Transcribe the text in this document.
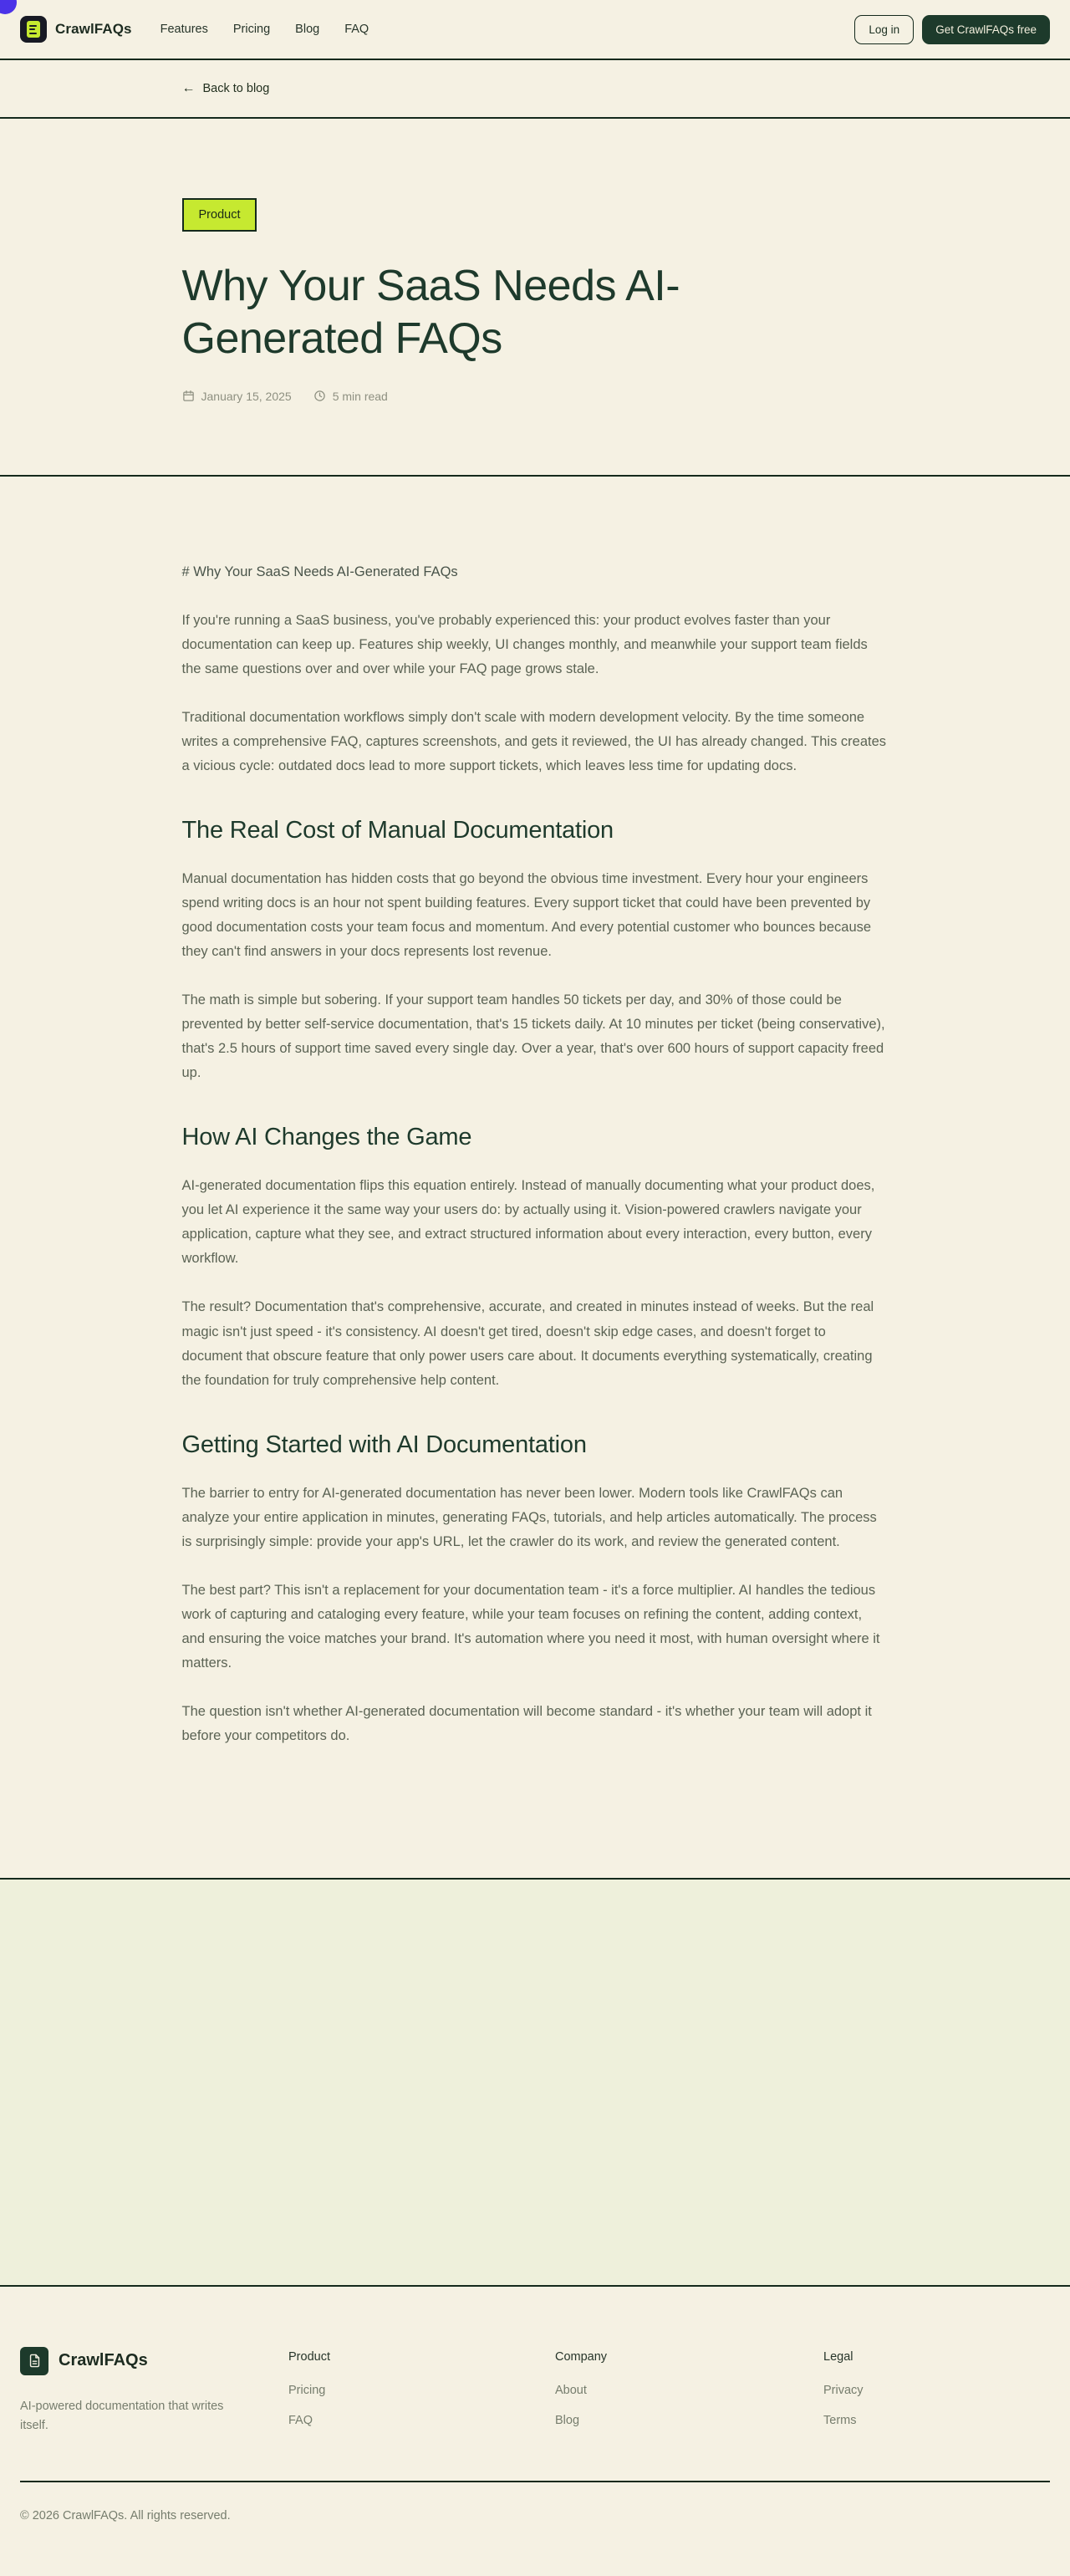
CrawlFAQs Features Pricing Blog FAQ	Log in	Get CrawlFAQs free
← Back to blog
Product
Why Your SaaS Needs AI-
Generated FAQs
January 15, 2025	5 min read

# Why Your SaaS Needs AI-Generated FAQs

If you're running a SaaS business, you've probably experienced this: your product evolves faster than your documentation can keep up. Features ship weekly, UI changes monthly, and meanwhile your support team fields the same questions over and over while your FAQ page grows stale.

Traditional documentation workflows simply don't scale with modern development velocity. By the time someone writes a comprehensive FAQ, captures screenshots, and gets it reviewed, the UI has already changed. This creates a vicious cycle: outdated docs lead to more support tickets, which leaves less time for updating docs.

The Real Cost of Manual Documentation

Manual documentation has hidden costs that go beyond the obvious time investment. Every hour your engineers spend writing docs is an hour not spent building features. Every support ticket that could have been prevented by good documentation costs your team focus and momentum. And every potential customer who bounces because they can't find answers in your docs represents lost revenue.

The math is simple but sobering. If your support team handles 50 tickets per day, and 30% of those could be prevented by better self-service documentation, that's 15 tickets daily. At 10 minutes per ticket (being conservative), that's 2.5 hours of support time saved every single day. Over a year, that's over 600 hours of support capacity freed up.

How AI Changes the Game

AI-generated documentation flips this equation entirely. Instead of manually documenting what your product does, you let AI experience it the same way your users do: by actually using it. Vision-powered crawlers navigate your application, capture what they see, and extract structured information about every interaction, every button, every workflow.

The result? Documentation that's comprehensive, accurate, and created in minutes instead of weeks. But the real magic isn't just speed - it's consistency. AI doesn't get tired, doesn't skip edge cases, and doesn't forget to document that obscure feature that only power users care about. It documents everything systematically, creating the foundation for truly comprehensive help content.

Getting Started with AI Documentation

The barrier to entry for AI-generated documentation has never been lower. Modern tools like CrawlFAQs can analyze your entire application in minutes, generating FAQs, tutorials, and help articles automatically. The process is surprisingly simple: provide your app's URL, let the crawler do its work, and review the generated content.

The best part? This isn't a replacement for your documentation team - it's a force multiplier. AI handles the tedious work of capturing and cataloging every feature, while your team focuses on refining the content, adding context, and ensuring the voice matches your brand. It's automation where you need it most, with human oversight where it matters.

The question isn't whether AI-generated documentation will become standard - it's whether your team will adopt it before your competitors do.

CrawlFAQs

AI-powered documentation that writes itself.

Product
Pricing
FAQ
Company
About
Blog
Legal
Privacy
Terms
© 2026 CrawlFAQs. All rights reserved.
